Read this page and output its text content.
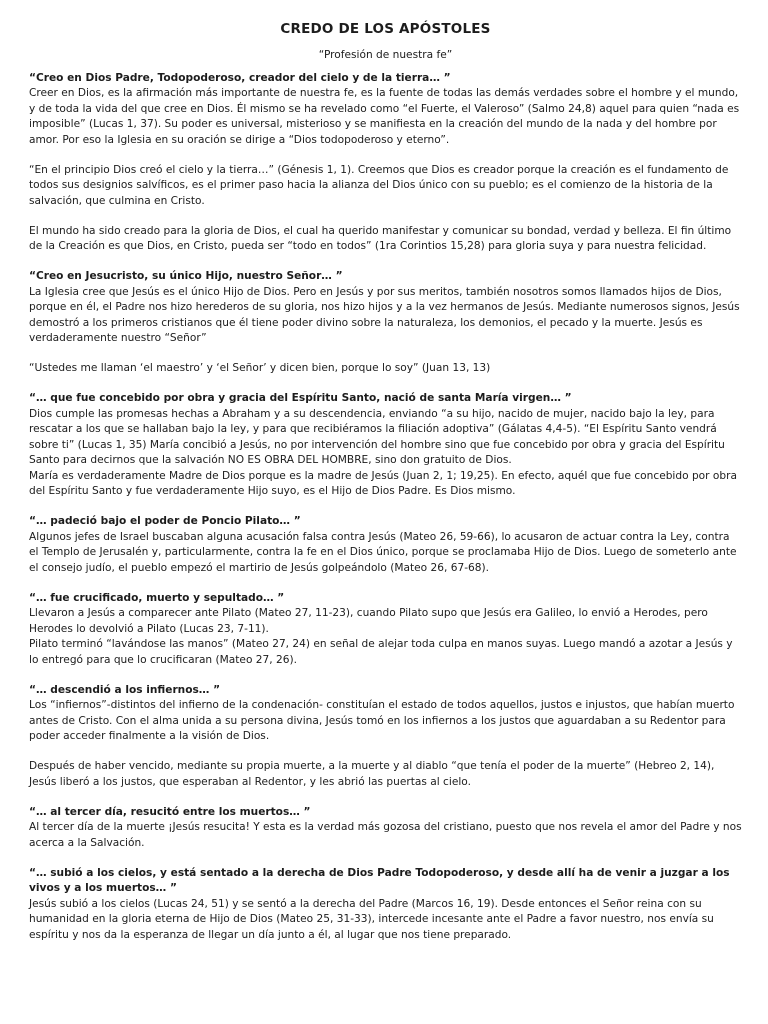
CREDO DE LOS APÓSTOLES
“Profesión de nuestra fe”
“Creo en Dios Padre, Todopoderoso, creador del cielo y de la tierra… ”

Creer en Dios, es la afirmación más importante de nuestra fe, es la fuente de todas las demás verdades sobre el hombre y el mundo, y de toda la vida del que cree en Dios. Él mismo se ha revelado como “el Fuerte, el Valeroso” (Salmo 24,8) aquel para quien “nada es imposible” (Lucas 1, 37). Su poder es universal, misterioso y se manifiesta en la creación del mundo de la nada y del hombre por amor. Por eso la Iglesia en su oración se dirige a “Dios todopoderoso y eterno”.

“En el principio Dios creó el cielo y la tierra…” (Génesis 1, 1). Creemos que Dios es creador porque la creación es el fundamento de todos sus designios salvíficos, es el primer paso hacia la alianza del Dios único con su pueblo; es el comienzo de la historia de la salvación, que culmina en Cristo.

El mundo ha sido creado para la gloria de Dios, el cual ha querido manifestar y comunicar su bondad, verdad y belleza. El fin último de la Creación es que Dios, en Cristo, pueda ser “todo en todos” (1ra Corintios 15,28) para gloria suya y para nuestra felicidad.

“Creo en Jesucristo, su único Hijo, nuestro Señor… ”

La Iglesia cree que Jesús es el único Hijo de Dios. Pero en Jesús y por sus meritos, también nosotros somos llamados hijos de Dios, porque en él, el Padre nos hizo herederos de su gloria, nos hizo hijos y a la vez hermanos de Jesús. Mediante numerosos signos, Jesús demostró a los primeros cristianos que él tiene poder divino sobre la naturaleza, los demonios, el pecado y la muerte. Jesús es verdaderamente nuestro “Señor”

“Ustedes me llaman ‘el maestro’ y ‘el Señor’ y dicen bien, porque lo soy” (Juan 13, 13)

“… que fue concebido por obra y gracia del Espíritu Santo, nació de santa María virgen… ”

Dios cumple las promesas hechas a Abraham y a su descendencia, enviando “a su hijo, nacido de mujer, nacido bajo la ley, para rescatar a los que se hallaban bajo la ley, y para que recibiéramos la filiación adoptiva” (Gálatas 4,4-5). “El Espíritu Santo vendrá sobre ti” (Lucas 1, 35) María concibió a Jesús, no por intervención del hombre sino que fue concebido por obra y gracia del Espíritu Santo para decirnos que la salvación NO ES OBRA DEL HOMBRE, sino don gratuito de Dios.

María es verdaderamente Madre de Dios porque es la madre de Jesús (Juan 2, 1; 19,25). En efecto, aquél que fue concebido por obra del Espíritu Santo y fue verdaderamente Hijo suyo, es el Hijo de Dios Padre. Es Dios mismo.

“… padeció bajo el poder de Poncio Pilato… ”

Algunos jefes de Israel buscaban alguna acusación falsa contra Jesús (Mateo 26, 59-66), lo acusaron de actuar contra la Ley, contra el Templo de Jerusalén y, particularmente, contra la fe en el Dios único, porque se proclamaba Hijo de Dios. Luego de someterlo ante el consejo judío, el pueblo empezó el martirio de Jesús golpeándolo (Mateo 26, 67-68).

“… fue crucificado, muerto y sepultado… ”

Llevaron a Jesús a comparecer ante Pilato (Mateo 27, 11-23), cuando Pilato supo que Jesús era Galileo, lo envió a Herodes, pero Herodes lo devolvió a Pilato (Lucas 23, 7-11).

Pilato terminó “lavándose las manos” (Mateo 27, 24) en señal de alejar toda culpa en manos suyas. Luego mandó a azotar a Jesús y lo entregó para que lo crucificaran (Mateo 27, 26).

“… descendió a los infiernos… ”

Los “infiernos”-distintos del infierno de la condenación- constituían el estado de todos aquellos, justos e injustos, que habían muerto antes de Cristo. Con el alma unida a su persona divina, Jesús tomó en los infiernos a los justos que aguardaban a su Redentor para poder acceder finalmente a la visión de Dios.

Después de haber vencido, mediante su propia muerte, a la muerte y al diablo “que tenía el poder de la muerte” (Hebreo 2, 14), Jesús liberó a los justos, que esperaban al Redentor, y les abrió las puertas al cielo.

“… al tercer día, resucitó entre los muertos… ”

Al tercer día de la muerte ¡Jesús resucita! Y esta es la verdad más gozosa del cristiano, puesto que nos revela el amor del Padre y nos acerca a la Salvación.

“… subió a los cielos, y está sentado a la derecha de Dios Padre Todopoderoso, y desde allí ha de venir a juzgar a los vivos y a los muertos… ”

Jesús subió a los cielos (Lucas 24, 51) y se sentó a la derecha del Padre (Marcos 16, 19). Desde entonces el Señor reina con su humanidad en la gloria eterna de Hijo de Dios (Mateo 25, 31-33), intercede incesante ante el Padre a favor nuestro, nos envía su espíritu y nos da la esperanza de llegar un día junto a él, al lugar que nos tiene preparado.
